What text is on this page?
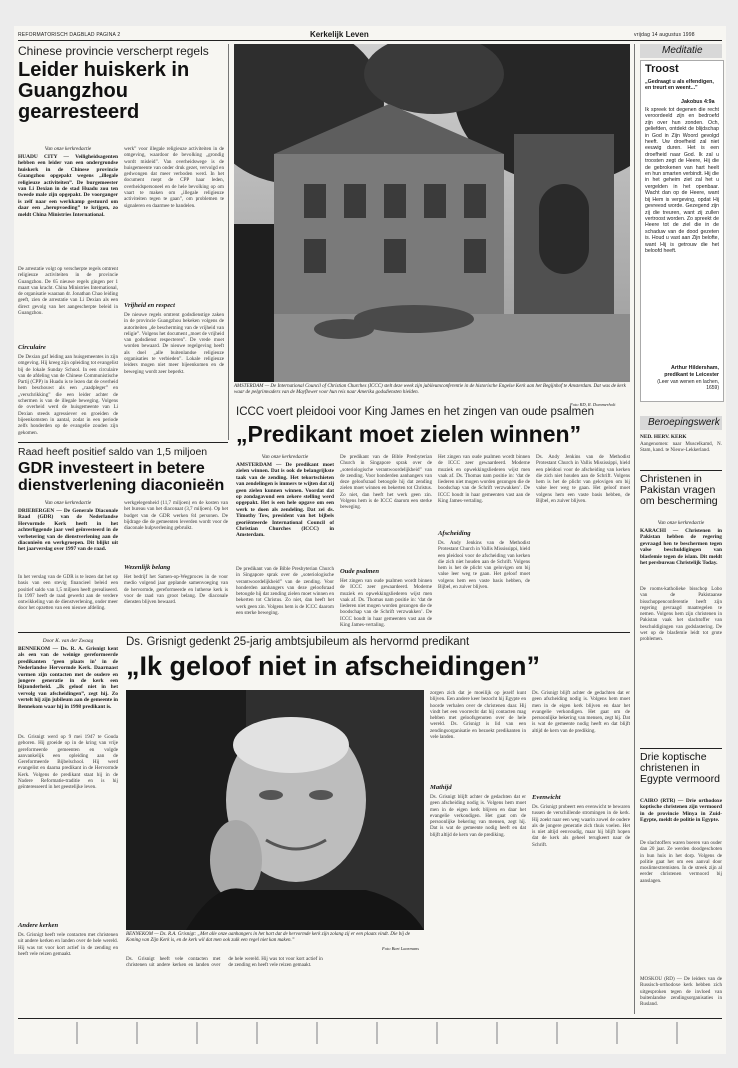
REFORMATORISCH DAGBLAD PAGINA 2	Kerkelijk Leven	vrijdag 14 augustus 1998
Chinese provincie verscherpt regels
Leider huiskerk in Guangzhou gearresteerd
Van onze kerkredactie
HUADU CITY — Veiligheidsagenten hebben een leider van een ondergrondse huiskerk in de Chinese provincie Guangzhou opgepakt wegens „illegale religieuze activiteiten”. De burgemeester van Li Dexian in de stad Huadu zou ten tweede male zijn opgepakt. De voorganger is zelf naar een werkkamp gestuurd om daar een „heropvoeding” te krijgen, zo meldt China Ministries International.
De arrestatie volgt op verscherpte regels omtrent religieuze activiteiten in de provincie Guangzhou. De 65 nieuwe regels gingen per 1 maart van kracht. China Ministries International, de organisatie waaraan dr. Jonathan Chao leiding geeft, zien de arrestatie van Li Dexian als een direct gevolg van het aangescherpte beleid in Guangzhou.
Circulaire
De Dexian gaf leiding aan huisgemeentes in zijn omgeving. Hij kreeg zijn opleiding tot evangelist bij de lokale Sunday School. In een circulaire van de afdeling van de Chinese Communistische Partij (CPP) in Huadu is te lezen dat de overheid hem beschouwt als een „raadpleger” en „verschrikking” die een leider achter de schermen is van de illegale beweging. Volgens de overheid werd de huisgemeente van Li Dexian steeds agressiever en groeiden de bijeenkomsten in aantal, zodat in een periode zelfs honderden op de evangelie zouden zijn gekomen.
werk” voor illegale religieuze activiteiten in de omgeving, waardoor de bevolking „grondig wordt misleid”. Van overheidswege is de huisgemeente van onder druk gezet, vervolgd en gedwongen dat meer verboden werd. In het document roept de CPP haar leden, overheidspersoneel en de hele bevolking op om vaart te maken om „illegale religieuze activiteiten tegen te gaan”, om problemen te signaleren en daarmee te handelen.
Vrijheid en respect
De nieuwe regels omtrent godsdienstige zaken in de provincie Guangzhou bekeken volgens de autoriteiten „de bescherming van de vrijheid van religie”. Volgens het document „moet de vrijheid van godsdienst respecteren”. De vrede moet worden bewaard. De nieuwe regelgeving heeft als doel „alle buitenlandse religieuze organisaties te verbieden”. Lokale religieuze leiders mogen niet meer bijeenkomen en de beweging wordt zeer beperkt.
AMSTERDAM — De International Council of Christian Churches (ICCC) stelt deze week zijn jubileumconferentie in de historische Engelse Kerk aan het Begijnhof te Amsterdam. Dat was de kerk waar de pelgrimvaders van de Mayflower voor hun reis naar Amerika godsdiensten hielden.
Foto RD, R. Dommerholt
ICCC voert pleidooi voor King James en het zingen van oude psalmen
„Predikant moet zielen winnen”
Van onze kerkredactie
AMSTERDAM — De predikant moet zielen winnen. Dat is ook de belangrijkste taak van de zending. Het tekortschieten van zendelingen is immers te wijten dat zij geen zielen kunnen winnen. Voordat dat op zondagavond een zekere stelling werd opgepakt. Het is een hele opgave om een werk te doen als zendeling. Dat zei ds. Timothy Tow, president van het bijbels georiënteerde International Council of Christian Churches (ICCC) in Amsterdam.
De predikant van de Bible Presbyterian Church in Singapore sprak over de „soteriologische verantwoordelijkheid” van de zending. Voor honderden aanhangers van deze geloofsraad betoogde hij dat zending zielen moet winnen en bekerten tot Christus. Zo niet, dan heeft het werk geen zin. Volgens hem is de ICCC daarom een sterke beweging.
De predikant van de Bible Presbyterian Church in Singapore sprak over de „soteriologische verantwoordelijkheid” van de zending. Voor honderden aanhangers van deze geloofsraad betoogde hij dat zending zielen moet winnen en bekerten tot Christus. Zo niet, dan heeft het werk geen zin. Volgens hem is de ICCC daarom een sterke beweging.
Oude psalmen
Het zingen van oude psalmen wordt binnen de ICCC zeer gewaardeerd. Moderne muziek en opwekkingsliederen wijst men vaak af. Ds. Thomas nam positie in: ‘dat de liederen niet mogen worden gezongen die de boodschap van de Schrift verzwakken’. De ICCC houdt in haar gemeenten vast aan de King James-vertaling.
Het zingen van oude psalmen wordt binnen de ICCC zeer gewaardeerd. Moderne muziek en opwekkingsliederen wijst men vaak af. Ds. Thomas nam positie in: ‘dat de liederen niet mogen worden gezongen die de boodschap van de Schrift verzwakken’. De ICCC houdt in haar gemeenten vast aan de King James-vertaling.
Afscheiding
Ds. Andy Jenkins van de Methodist Protestant Church in Vallis Mississippi, hield een pleidooi voor de afscheiding van kerken die zich niet houden aan de Schrift. Volgens hem is het de plicht van gelovigen om bij valse leer weg te gaan. Het geloof moet volgens hem een vaste basis hebben, de Bijbel, en zuiver blijven.
Ds. Andy Jenkins van de Methodist Protestant Church in Vallis Mississippi, hield een pleidooi voor de afscheiding van kerken die zich niet houden aan de Schrift. Volgens hem is het de plicht van gelovigen om bij valse leer weg te gaan. Het geloof moet volgens hem een vaste basis hebben, de Bijbel, en zuiver blijven.
Raad heeft positief saldo van 1,5 miljoen
GDR investeert in betere dienstverlening diaconieën
Van onze kerkredactie
DRIEBERGEN — De Generale Diaconale Raad (GDR) van de Nederlandse Hervormde Kerk heeft in het achterliggende jaar veel geïnvesteerd in de verbetering van de dienstverlening aan de diaconieën en werkgroepen. Dit blijkt uit het jaarverslag over 1997 van de raad.
In het verslag van de GDR is te lezen dat het op basis van een stevig financieel beleid een positief saldo van 1,5 miljoen heeft gerealiseerd. In 1997 heeft de raad gewerkt aan de verdere ontwikkeling van de dienstverlening, onder meer door het opzetten van een nieuwe afdeling.
werkgelegenheid (11,7 miljoen) en de kosten van het bureau van het diaconaat (3,7 miljoen). Op het budget van de GDR werken 84 personen. De bijdrage die de gemeenten leverden wordt voor de diaconale hulpverlening gebruikt.
Wezenlijk belang
Het bedrijf het Samen-op-Wegproces in de voor medio volgend jaar geplande samenvoeging van de hervormde, gereformeerde en lutherse kerk is voor de raad van groot belang. De diaconale diensten blijven bewaard.
Door K. van der Zwaag
BENNEKOM — Ds. R. A. Grisnigt kent als een van de weinige gereformeerde predikanten ‘geen plaats in’ in de Nederlandse Hervormde Kerk. Daarnaast vormen zijn contacten met de oudere en jongere generatie in de kerk een bijzonderheid. „Ik geloof niet in het vervolg van afscheidingen”, zegt hij. Zo vertelt hij zijn jubileum aan de gemeente in Bennekom waar hij in 1998 predikant is.
Ds. Grisnigt werd op 9 mei 1947 te Gouda geboren. Hij groeide op in de kring van vrije gereformeerde gemeenten en volgde aanvankelijk een opleiding aan de Gereformeerde Bijbelschool. Hij werd evangelist en daarna predikant in de Hervormde Kerk. Volgens de predikant staat hij in de Nadere Reformatie-traditie en is hij geïnteresseerd in het geestelijke leven.
Andere kerken
Ds. Grisnigt heeft vele contacten met christenen uit andere kerken en landen over de hele wereld. Hij was tot voor kort actief in de zending en heeft vele reizen gemaakt.
Ds. Grisnigt gedenkt 25-jarig ambtsjubileum als hervormd predikant
„Ik geloof niet in afscheidingen”
BENNEKOM — Ds. R.A. Grisnigt: „Met alle onze aanhangers in het hart dat de hervormde kerk zijn zolang zij er een plaats vindt. Die bij de Koning van Zijn Kerk is, en de kerk wil dat men ook zulk een regel niet kan maken.”
Foto Bart Laarmans
zorgen zich dat je moeilijk op jezelf kunt blijven. Een andere keer bezocht hij Egypte en hoorde verhalen over de christenen daar. Hij vindt het een voorrecht dat hij contacten mag hebben met geloofsgenoten over de hele wereld. Ds. Grisnigt is lid van een zendingsorganisatie en bezoekt predikanten in vele landen.
Mathijd
Ds. Grisnigt blijft achter de gedachten dat er geen afscheiding nodig is. Volgens hem moet men in de eigen kerk blijven en daar het evangelie verkondigen. Het gaat om de persoonlijke bekering van mensen, zegt hij. Dat is wat de gemeente nodig heeft en dat blijft altijd de kern van de prediking.
Ds. Grisnigt blijft achter de gedachten dat er geen afscheiding nodig is. Volgens hem moet men in de eigen kerk blijven en daar het evangelie verkondigen. Het gaat om de persoonlijke bekering van mensen, zegt hij. Dat is wat de gemeente nodig heeft en dat blijft altijd de kern van de prediking.
Evenwicht
Ds. Grisnigt probeert een evenwicht te bewaren tussen de verschillende stromingen in de kerk. Hij zoekt naar een weg waarin zowel de oudere als de jongere generatie zich thuis voelen. Het is niet altijd eenvoudig, maar hij blijft hopen dat de kerk als geheel terugkeert naar de Schrift.
Ds. Grisnigt heeft vele contacten met christenen uit andere kerken en landen over de hele wereld. Hij was tot voor kort actief in de zending en heeft vele reizen gemaakt.
Meditatie
Troost
„Gedraagt u als elfendigen, en treurt en weent...”
Jakobus 4:9a
Ik spreek tot degenen die recht veroordeeld zijn en bedroefd zijn over hun zonden. Och, geliefden, ontdekt de blijdschap in God in Zijn Woord gevolgd heeft. Uw droefheid zal niet eeuwig duren. Het is een droefheid naar God. Ik zal u troosten zegt de Heere, Hij die de gebrokenen van hart heelt en hun smarten verbindt. Hij die in het geheim ziet zal het u vergelden in het openbaar. Wacht dan op de Heere, want bij Hem is vergeving, opdat Hij gevreesd worde. Gezegend zijn zij die treuren, want zij zullen vertroost worden. Zo spreekt de Heere tot de ziel die in de schaduw van de dood gezeten is. Houd u vast aan Zijn belofte, want Hij is getrouw die het beloofd heeft.
Arthur Hildersham,
predikant te Leicester
(Leer van wenen en lachen, 1659)
Beroepingswerk
NED. HERV. KERK
Aangenomen: naar Muscelkamd, N. Stam, kand. te Nieuw-Lekkerland.
Christenen in Pakistan vragen om bescherming
Van onze kerkredactie
KARACHI — Christenen in Pakistan hebben de regering gevraagd hen te beschermen tegen valse beschuldigingen van blasfemie tegen de islam. Dit meldt het persbureau Christelijk Today.
De rooms-katholieke bisschop Lobo van de Pakistaanse bisschoppenconferentie heeft zijn regering gevraagd maatregelen te nemen. Volgens hem zijn christenen in Pakistan vaak het slachtoffer van beschuldigingen van godslastering. De wet op de blasfemie leidt tot grote problemen.
Drie koptische christenen in Egypte vermoord
CAIRO (RTR) — Drie orthodoxe koptische christenen zijn vermoord in de provincie Minya in Zuid-Egypte, meldt de politie in Egypte.
De slachtoffers waren boeren van ouder dan 20 jaar. Ze werden doodgeschoten in hun huis in het dorp. Volgens de politie gaat het om een aanval door moslimextremisten. In de streek zijn al eerder christenen vermoord bij aanslagen.
MOSKOU (RD) — De leiders van de Russisch-orthodoxe kerk hebben zich uitgesproken tegen de invloed van buitenlandse zendingsorganisaties in Rusland.
